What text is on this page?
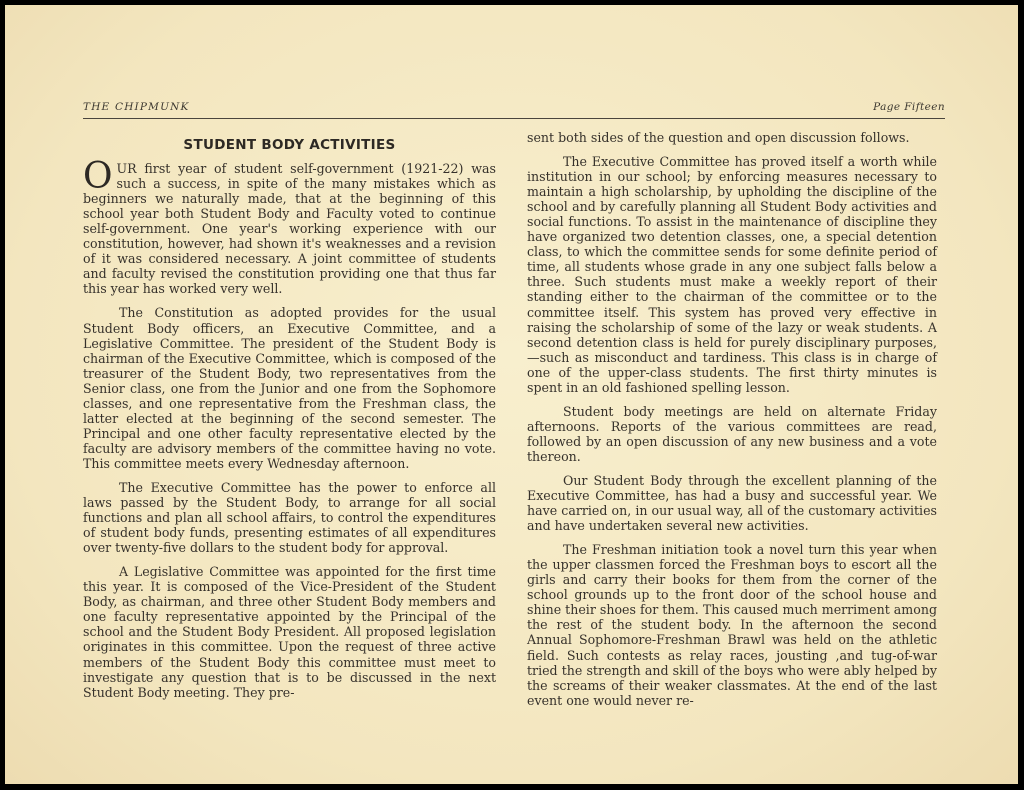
THE CHIPMUNK	Page Fifteen
STUDENT BODY ACTIVITIES

OUR first year of student self-government (1921-22) was such a success, in spite of the many mistakes which as beginners we naturally made, that at the beginning of this school year both Student Body and Faculty voted to continue self-government. One year's working experience with our constitution, however, had shown it's weaknesses and a revision of it was considered necessary. A joint committee of students and faculty revised the constitution providing one that thus far this year has worked very well.

The Constitution as adopted provides for the usual Student Body officers, an Executive Committee, and a Legislative Committee. The president of the Student Body is chairman of the Executive Committee, which is composed of the treasurer of the Student Body, two representatives from the Senior class, one from the Junior and one from the Sophomore classes, and one representative from the Freshman class, the latter elected at the beginning of the second semester. The Principal and one other faculty representative elected by the faculty are advisory members of the committee having no vote. This committee meets every Wednesday afternoon.

The Executive Committee has the power to enforce all laws passed by the Student Body, to arrange for all social functions and plan all school affairs, to control the expenditures of student body funds, presenting estimates of all expenditures over twenty-five dollars to the student body for approval.

A Legislative Committee was appointed for the first time this year. It is composed of the Vice-President of the Student Body, as chairman, and three other Student Body members and one faculty representative appointed by the Principal of the school and the Student Body President. All proposed legislation originates in this committee. Upon the request of three active members of the Student Body this committee must meet to investigate any question that is to be discussed in the next Student Body meeting. They pre-

sent both sides of the question and open discussion follows.

The Executive Committee has proved itself a worth while institution in our school; by enforcing measures necessary to maintain a high scholarship, by upholding the discipline of the school and by carefully planning all Student Body activities and social functions. To assist in the maintenance of discipline they have organized two detention classes, one, a special detention class, to which the committee sends for some definite period of time, all students whose grade in any one subject falls below a three. Such students must make a weekly report of their standing either to the chairman of the committee or to the committee itself. This system has proved very effective in raising the scholarship of some of the lazy or weak students. A second detention class is held for purely disciplinary purposes,—such as misconduct and tardiness. This class is in charge of one of the upper-class students. The first thirty minutes is spent in an old fashioned spelling lesson.

Student body meetings are held on alternate Friday afternoons. Reports of the various committees are read, followed by an open discussion of any new business and a vote thereon.

Our Student Body through the excellent planning of the Executive Committee, has had a busy and successful year. We have carried on, in our usual way, all of the customary activities and have undertaken several new activities.

The Freshman initiation took a novel turn this year when the upper classmen forced the Freshman boys to escort all the girls and carry their books for them from the corner of the school grounds up to the front door of the school house and shine their shoes for them. This caused much merriment among the rest of the student body. In the afternoon the second Annual Sophomore-Freshman Brawl was held on the athletic field. Such contests as relay races, jousting ,and tug-of-war tried the strength and skill of the boys who were ably helped by the screams of their weaker classmates. At the end of the last event one would never re-
